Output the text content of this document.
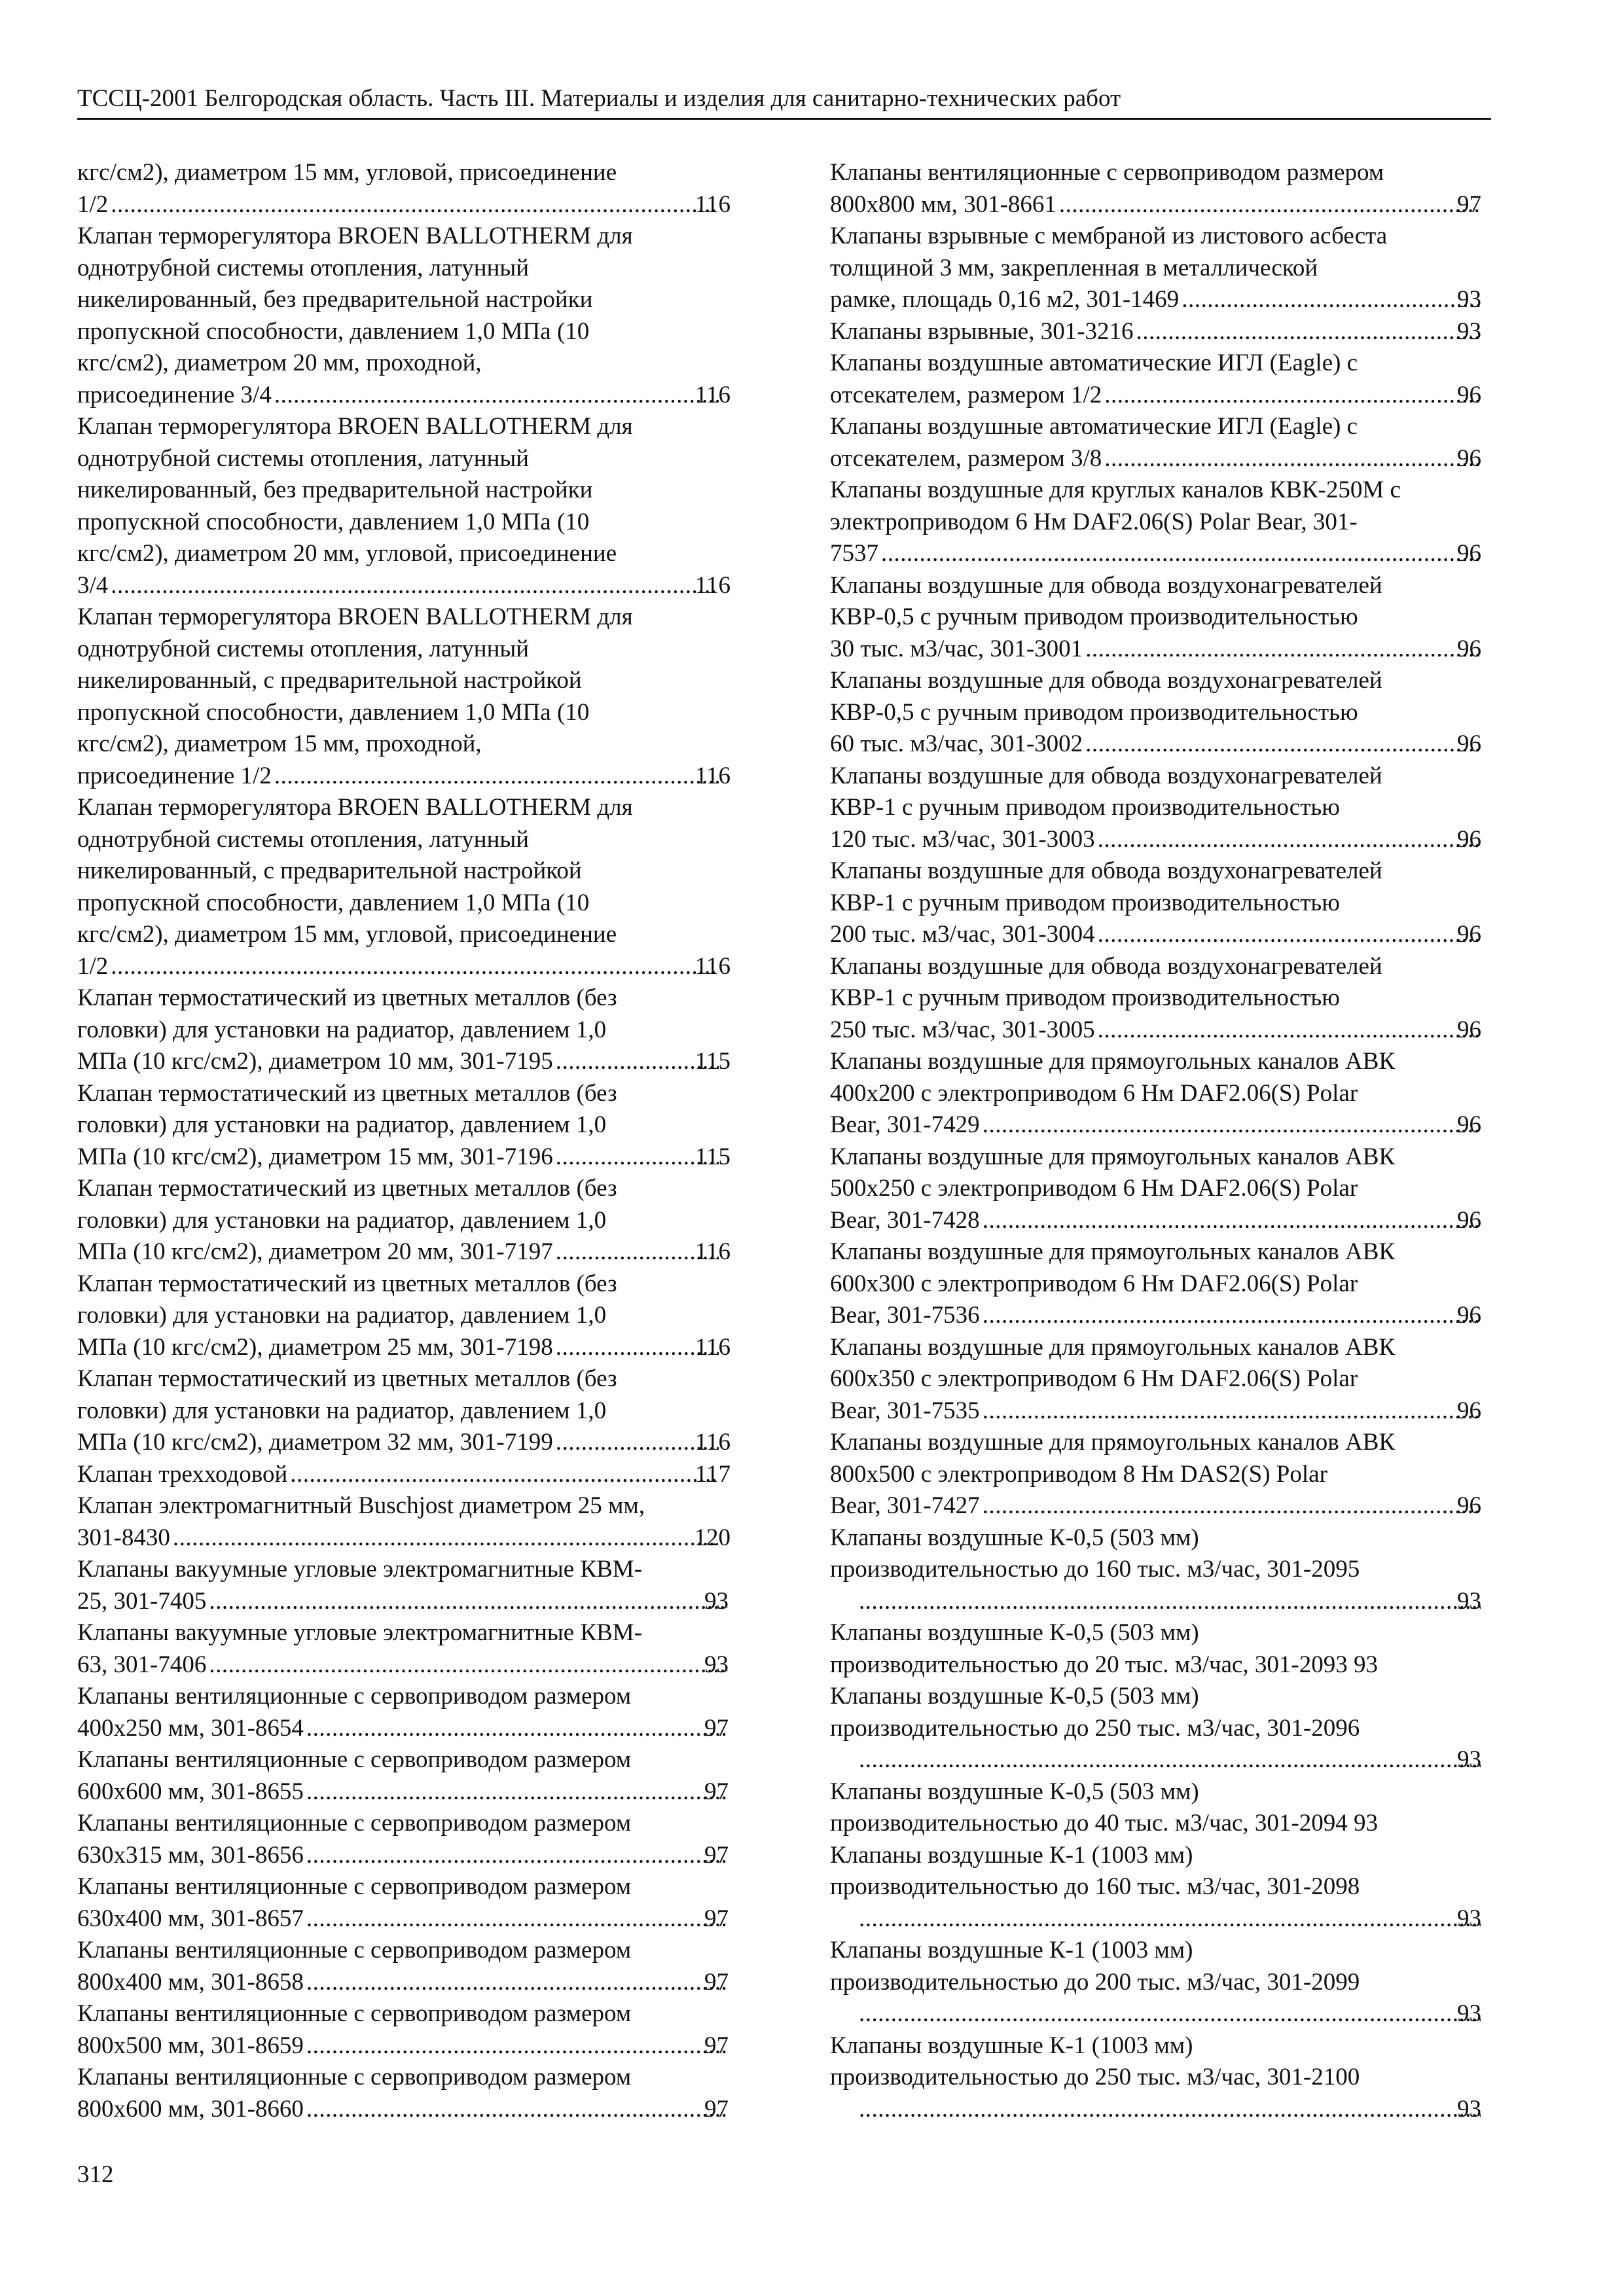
ТССЦ-2001 Белгородская область. Часть III. Материалы и изделия для санитарно-технических работ
кгс/см2), диаметром 15 мм, угловой, присоединение
1/2 .....	116
Клапан терморегулятора BROEN BALLOTHERM для
однотрубной системы отопления, латунный
никелированный, без предварительной настройки
пропускной способности, давлением 1,0 МПа (10
кгс/см2), диаметром 20 мм, проходной,
присоединение 3/4 .....	116
Клапан терморегулятора BROEN BALLOTHERM для
однотрубной системы отопления, латунный
никелированный, без предварительной настройки
пропускной способности, давлением 1,0 МПа (10
кгс/см2), диаметром 20 мм, угловой, присоединение
3/4 .....	116
Клапан терморегулятора BROEN BALLOTHERM для
однотрубной системы отопления, латунный
никелированный, с предварительной настройкой
пропускной способности, давлением 1,0 МПа (10
кгс/см2), диаметром 15 мм, проходной,
присоединение 1/2 .....	116
Клапан терморегулятора BROEN BALLOTHERM для
однотрубной системы отопления, латунный
никелированный, с предварительной настройкой
пропускной способности, давлением 1,0 МПа (10
кгс/см2), диаметром 15 мм, угловой, присоединение
1/2 .....	116
Клапан термостатический из цветных металлов (без
головки) для установки на радиатор, давлением 1,0
МПа (10 кгс/см2), диаметром 10 мм, 301-7195 .....	115
Клапан термостатический из цветных металлов (без
головки) для установки на радиатор, давлением 1,0
МПа (10 кгс/см2), диаметром 15 мм, 301-7196 .....	115
Клапан термостатический из цветных металлов (без
головки) для установки на радиатор, давлением 1,0
МПа (10 кгс/см2), диаметром 20 мм, 301-7197 .....	116
Клапан термостатический из цветных металлов (без
головки) для установки на радиатор, давлением 1,0
МПа (10 кгс/см2), диаметром 25 мм, 301-7198 .....	116
Клапан термостатический из цветных металлов (без
головки) для установки на радиатор, давлением 1,0
МПа (10 кгс/см2), диаметром 32 мм, 301-7199 .....	116
Клапан трехходовой .....	117
Клапан электромагнитный Buschjost диаметром 25 мм,
301-8430 .....	120
Клапаны вакуумные угловые электромагнитные КВМ-
25, 301-7405 .....	93
Клапаны вакуумные угловые электромагнитные КВМ-
63, 301-7406 .....	93
Клапаны вентиляционные с сервоприводом размером
400х250 мм, 301-8654 .....	97
Клапаны вентиляционные с сервоприводом размером
600х600 мм, 301-8655 .....	97
Клапаны вентиляционные с сервоприводом размером
630х315 мм, 301-8656 .....	97
Клапаны вентиляционные с сервоприводом размером
630х400 мм, 301-8657 .....	97
Клапаны вентиляционные с сервоприводом размером
800х400 мм, 301-8658 .....	97
Клапаны вентиляционные с сервоприводом размером
800х500 мм, 301-8659 .....	97
Клапаны вентиляционные с сервоприводом размером
800х600 мм, 301-8660 .....	97
Клапаны вентиляционные с сервоприводом размером
800х800 мм, 301-8661 .....	97
Клапаны взрывные с мембраной из листового асбеста
толщиной 3 мм, закрепленная в металлической
рамке, площадь 0,16 м2, 301-1469 .....	93
Клапаны взрывные, 301-3216 .....	93
Клапаны воздушные автоматические ИГЛ (Eagle) с
отсекателем, размером 1/2 .....	96
Клапаны воздушные автоматические ИГЛ (Eagle) с
отсекателем, размером 3/8 .....	96
Клапаны воздушные для круглых каналов КВК-250М с
электроприводом 6 Нм DAF2.06(S) Polar Bear, 301-
7537 .....	96
Клапаны воздушные для обвода воздухонагревателей
КВР-0,5 с ручным приводом производительностью
30 тыс. м3/час, 301-3001 .....	96
Клапаны воздушные для обвода воздухонагревателей
КВР-0,5 с ручным приводом производительностью
60 тыс. м3/час, 301-3002 .....	96
Клапаны воздушные для обвода воздухонагревателей
КВР-1 с ручным приводом производительностью
120 тыс. м3/час, 301-3003 .....	96
Клапаны воздушные для обвода воздухонагревателей
КВР-1 с ручным приводом производительностью
200 тыс. м3/час, 301-3004 .....	96
Клапаны воздушные для обвода воздухонагревателей
КВР-1 с ручным приводом производительностью
250 тыс. м3/час, 301-3005 .....	96
Клапаны воздушные для прямоугольных каналов АВК
400х200 с электроприводом 6 Нм DAF2.06(S) Polar
Bear, 301-7429 .....	96
Клапаны воздушные для прямоугольных каналов АВК
500х250 с электроприводом 6 Нм DAF2.06(S) Polar
Bear, 301-7428 .....	96
Клапаны воздушные для прямоугольных каналов АВК
600х300 с электроприводом 6 Нм DAF2.06(S) Polar
Bear, 301-7536 .....	96
Клапаны воздушные для прямоугольных каналов АВК
600х350 с электроприводом 6 Нм DAF2.06(S) Polar
Bear, 301-7535 .....	96
Клапаны воздушные для прямоугольных каналов АВК
800х500 с электроприводом 8 Нм DAS2(S) Polar
Bear, 301-7427 .....	96
Клапаны воздушные К-0,5 (503 мм)
производительностью до 160 тыс. м3/час, 301-2095
.....
93
Клапаны воздушные К-0,5 (503 мм)
производительностью до 20 тыс. м3/час, 301-2093 93
Клапаны воздушные К-0,5 (503 мм)
производительностью до 250 тыс. м3/час, 301-2096
.....
93
Клапаны воздушные К-0,5 (503 мм)
производительностью до 40 тыс. м3/час, 301-2094 93
Клапаны воздушные К-1 (1003 мм)
производительностью до 160 тыс. м3/час, 301-2098
.....
93
Клапаны воздушные К-1 (1003 мм)
производительностью до 200 тыс. м3/час, 301-2099
.....
93
Клапаны воздушные К-1 (1003 мм)
производительностью до 250 тыс. м3/час, 301-2100
.....
93
312
